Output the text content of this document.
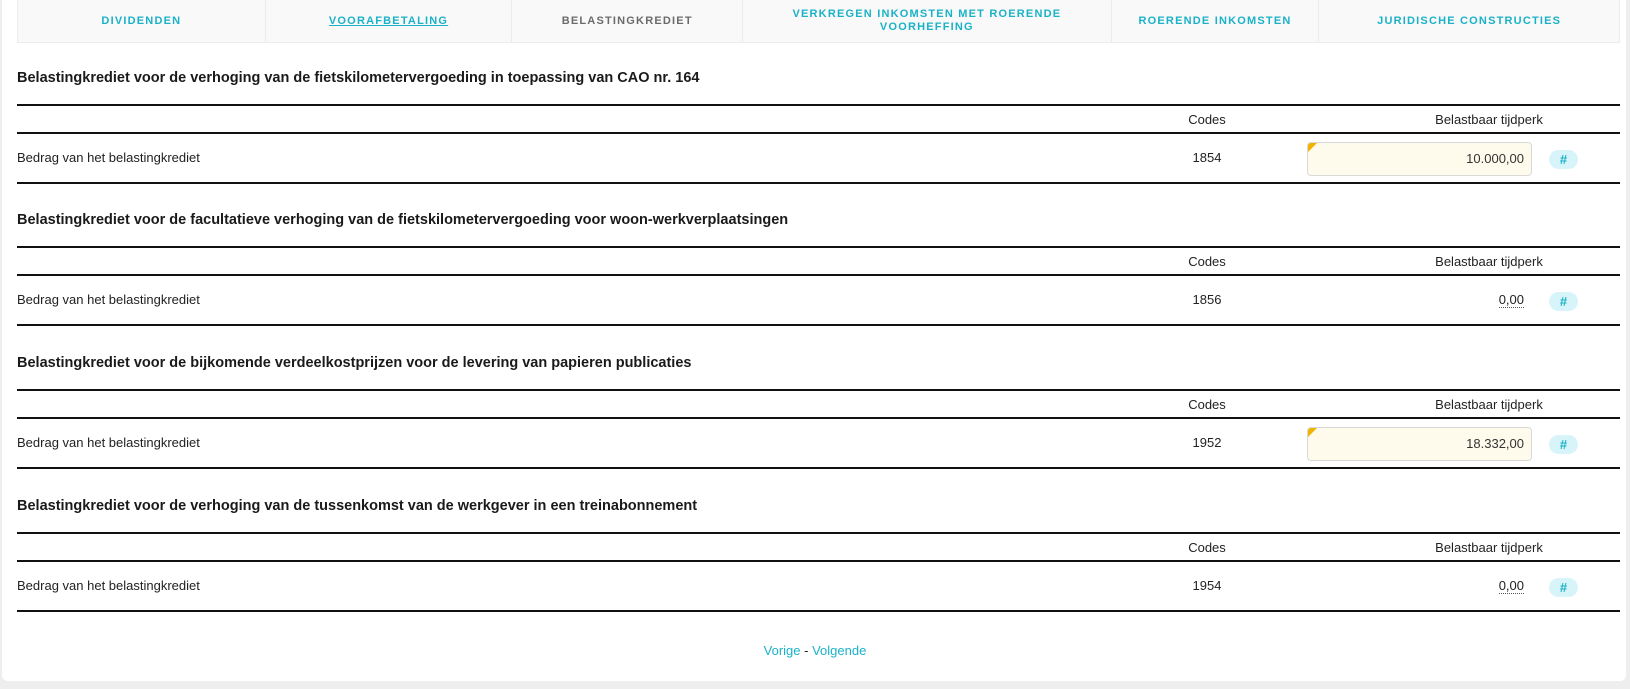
DIVIDENDEN	VOORAFBETALING	BELASTINGKREDIET
VERKREGEN INKOMSTEN MET ROERENDE VOORHEFFING
ROERENDE INKOMSTEN	JURIDISCHE CONSTRUCTIES
Belastingkrediet voor de verhoging van de fietskilometervergoeding in toepassing van CAO nr. 164
Codes	Belastbaar tijdperk
Bedrag van het belastingkrediet	1854	10.000,00	#
Belastingkrediet voor de facultatieve verhoging van de fietskilometervergoeding voor woon-werkverplaatsingen
Codes	Belastbaar tijdperk
Bedrag van het belastingkrediet	1856	0,00	#
Belastingkrediet voor de bijkomende verdeelkostprijzen voor de levering van papieren publicaties
Codes	Belastbaar tijdperk
Bedrag van het belastingkrediet	1952	18.332,00	#
Belastingkrediet voor de verhoging van de tussenkomst van de werkgever in een treinabonnement
Codes	Belastbaar tijdperk
Bedrag van het belastingkrediet	1954	0,00	#
Vorige - Volgende
